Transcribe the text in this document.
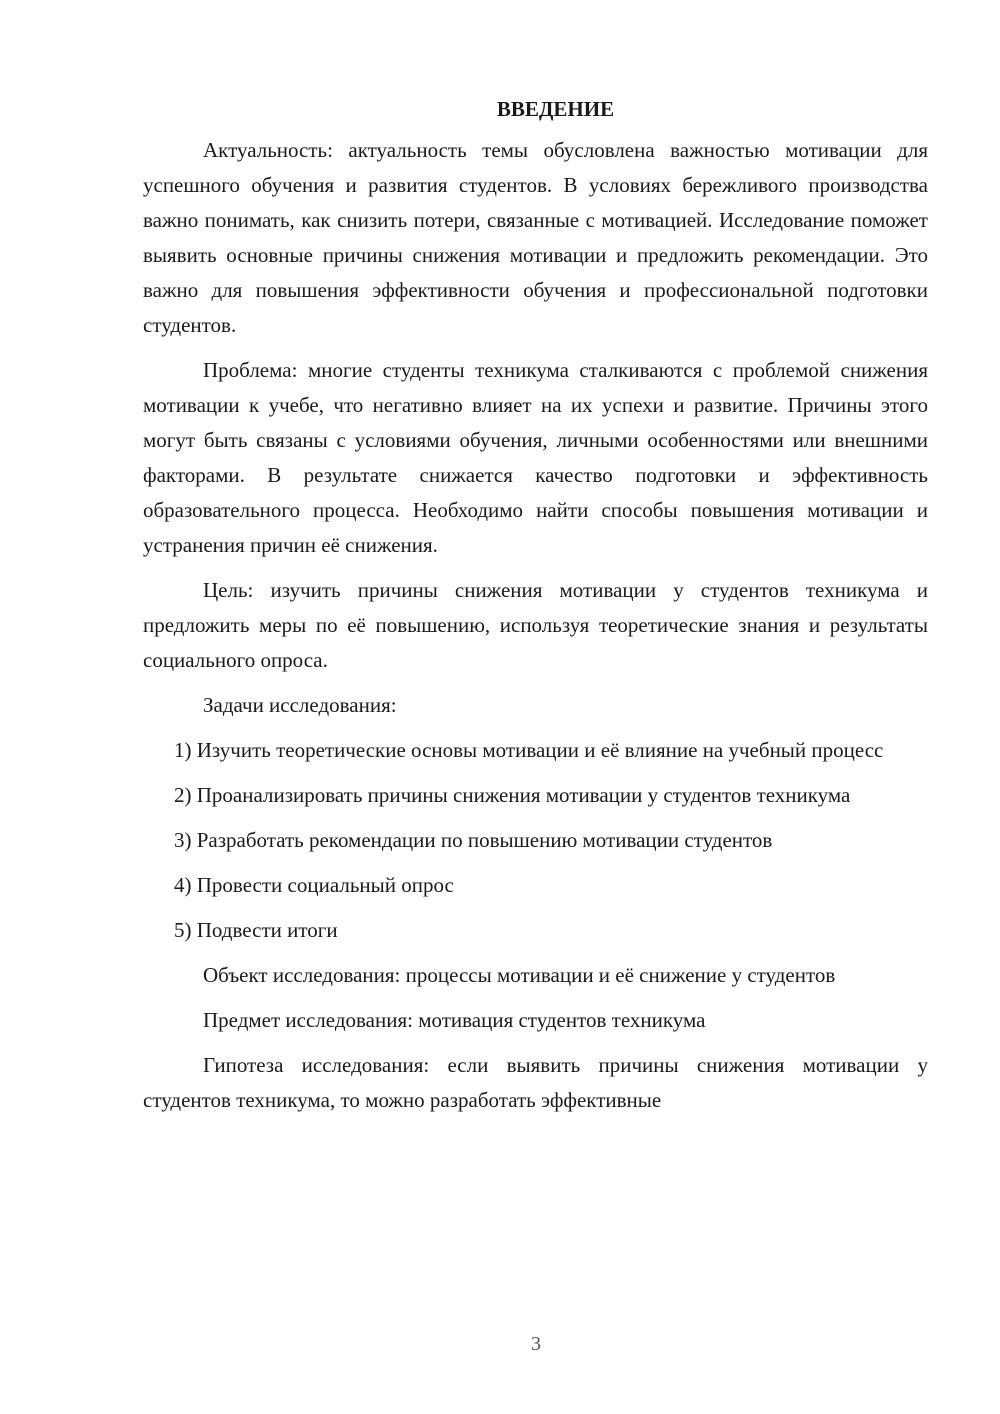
ВВЕДЕНИЕ

Актуальность: актуальность темы обусловлена важностью мотивации для успешного обучения и развития студентов. В условиях бережливого производства важно понимать, как снизить потери, связанные с мотивацией. Исследование поможет выявить основные причины снижения мотивации и предложить рекомендации. Это важно для повышения эффективности обучения и профессиональной подготовки студентов.

Проблема: многие студенты техникума сталкиваются с проблемой снижения мотивации к учебе, что негативно влияет на их успехи и развитие. Причины этого могут быть связаны с условиями обучения, личными особенностями или внешними факторами. В результате снижается качество подготовки и эффективность образовательного процесса. Необходимо найти способы повышения мотивации и устранения причин её снижения.

Цель: изучить причины снижения мотивации у студентов техникума и предложить меры по её повышению, используя теоретические знания и результаты социального опроса.

Задачи исследования:

1) Изучить теоретические основы мотивации и её влияние на учебный процесс

2) Проанализировать причины снижения мотивации у студентов техникума

3) Разработать рекомендации по повышению мотивации студентов

4) Провести социальный опрос

5) Подвести итоги

Объект исследования: процессы мотивации и её снижение у студентов

Предмет исследования: мотивация студентов техникума

Гипотеза исследования: если выявить причины снижения мотивации у студентов техникума, то можно разработать эффективные

3
